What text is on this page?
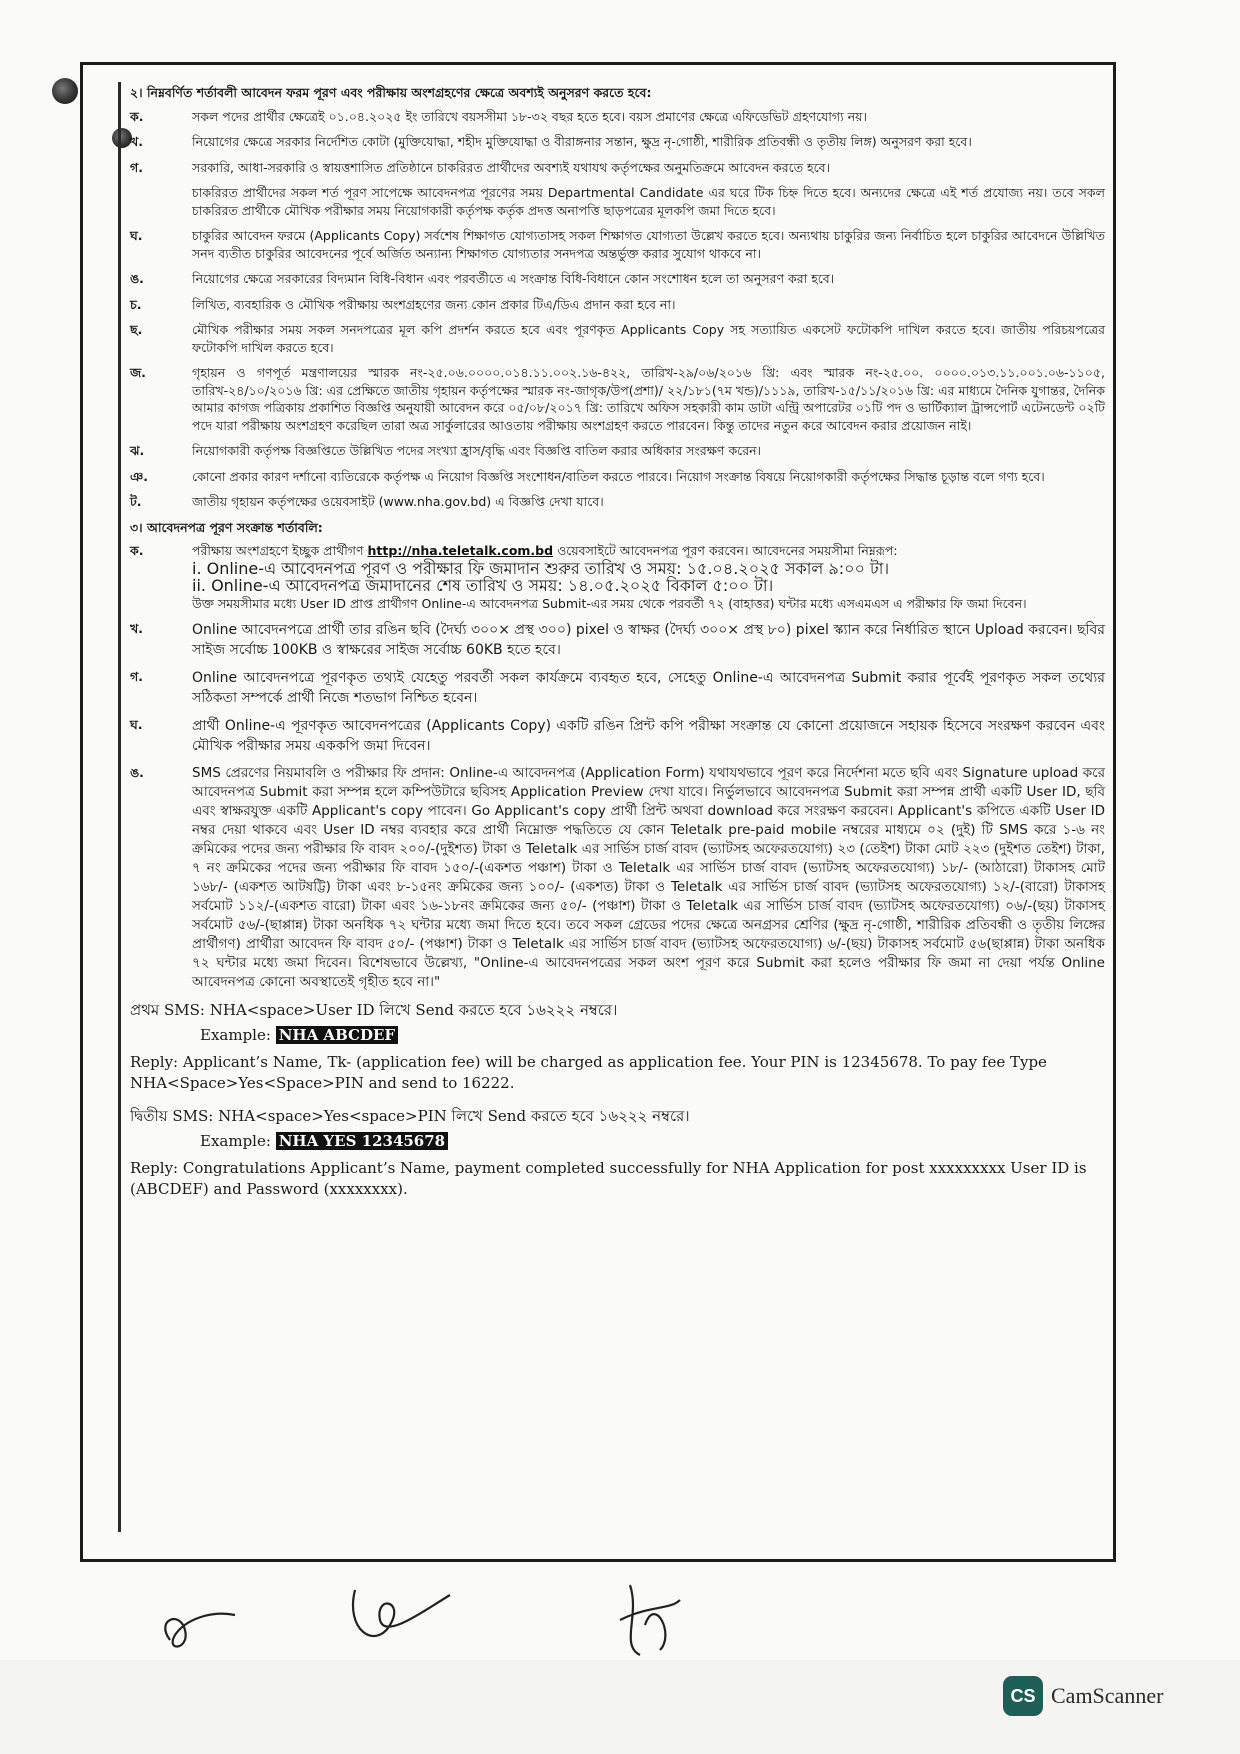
২। নিম্নবর্ণিত শর্তাবলী আবেদন ফরম পূরণ এবং পরীক্ষায় অংশগ্রহণের ক্ষেত্রে অবশ্যই অনুসরণ করতে হবে:
ক.	সকল পদের প্রার্থীর ক্ষেত্রেই ০১.০৪.২০২৫ ইং তারিখে বয়সসীমা ১৮-৩২ বছর হতে হবে। বয়স প্রমাণের ক্ষেত্রে এফিডেভিট গ্রহণযোগ্য নয়।
খ.	নিয়োগের ক্ষেত্রে সরকার নির্দেশিত কোটা (মুক্তিযোদ্ধা, শহীদ মুক্তিযোদ্ধা ও বীরাঙ্গনার সন্তান, ক্ষুদ্র নৃ-গোষ্ঠী, শারীরিক প্রতিবন্ধী ও তৃতীয় লিঙ্গ) অনুসরণ করা হবে।
গ.	সরকারি, আধা-সরকারি ও স্বায়ত্তশাসিত প্রতিষ্ঠানে চাকরিরত প্রার্থীদের অবশ্যই যথাযথ কর্তৃপক্ষের অনুমতিক্রমে আবেদন করতে হবে।
চাকরিরত প্রার্থীদের সকল শর্ত পূরণ সাপেক্ষে আবেদনপত্র পূরণের সময় Departmental Candidate এর ঘরে টিক চিহ্ন দিতে হবে। অন্যদের ক্ষেত্রে এই শর্ত প্রযোজ্য নয়। তবে সকল চাকরিরত প্রার্থীকে মৌখিক পরীক্ষার সময় নিয়োগকারী কর্তৃপক্ষ কর্তৃক প্রদত্ত অনাপত্তি ছাড়পত্রের মূলকপি জমা দিতে হবে।
ঘ.	চাকুরির আবেদন ফরমে (Applicants Copy) সর্বশেষ শিক্ষাগত যোগ্যতাসহ সকল শিক্ষাগত যোগ্যতা উল্লেখ করতে হবে। অন্যথায় চাকুরির জন্য নির্বাচিত হলে চাকুরির আবেদনে উল্লিখিত সনদ ব্যতীত চাকুরির আবেদনের পূর্বে অর্জিত অন্যান্য শিক্ষাগত যোগ্যতার সনদপত্র অন্তর্ভুক্ত করার সুযোগ থাকবে না।
ঙ.	নিয়োগের ক্ষেত্রে সরকারের বিদ্যমান বিধি-বিধান এবং পরবর্তীতে এ সংক্রান্ত বিধি-বিধানে কোন সংশোধন হলে তা অনুসরণ করা হবে।
চ.	লিখিত, ব্যবহারিক ও মৌখিক পরীক্ষায় অংশগ্রহণের জন্য কোন প্রকার টিএ/ডিএ প্রদান করা হবে না।
ছ.	মৌখিক পরীক্ষার সময় সকল সনদপত্রের মূল কপি প্রদর্শন করতে হবে এবং পূরণকৃত Applicants Copy সহ সত্যায়িত একসেট ফটোকপি দাখিল করতে হবে। জাতীয় পরিচয়পত্রের ফটোকপি দাখিল করতে হবে।
জ.	গৃহায়ন ও গণপূর্ত মন্ত্রণালয়ের স্মারক নং-২৫.০৬.০০০০.০১৪.১১.০০২.১৬-৪২২, তারিখ-২৯/০৬/২০১৬ খ্রি: এবং স্মারক নং-২৫.০০. ০০০০.০১৩.১১.০০১.০৬-১১০৫, তারিখ-২৪/১০/২০১৬ খ্রি: এর প্রেক্ষিতে জাতীয় গৃহায়ন কর্তৃপক্ষের স্মারক নং-জাগৃক/উপ(প্রশা)/ ২২/১৮১(৭ম খন্ড)/১১১৯, তারিখ-১৫/১১/২০১৬ খ্রি: এর মাধ্যমে দৈনিক যুগান্তর, দৈনিক আমার কাগজ পত্রিকায় প্রকাশিত বিজ্ঞপ্তি অনুযায়ী আবেদন করে ০৫/০৮/২০১৭ খ্রি: তারিখে অফিস সহকারী কাম ডাটা এন্ট্রি অপারেটর ০১টি পদ ও ভার্টিক্যাল ট্রান্সপোর্ট এটেনডেন্ট ০২টি পদে যারা পরীক্ষায় অংশগ্রহণ করেছিল তারা অত্র সার্কুলারের আওতায় পরীক্ষায় অংশগ্রহণ করতে পারবেন। কিন্তু তাদের নতুন করে আবেদন করার প্রয়োজন নাই।
ঝ.	নিয়োগকারী কর্তৃপক্ষ বিজ্ঞপ্তিতে উল্লিখিত পদের সংখ্যা হ্রাস/বৃদ্ধি এবং বিজ্ঞপ্তি বাতিল করার অধিকার সংরক্ষণ করেন।
ঞ.	কোনো প্রকার কারণ দর্শানো ব্যতিরেকে কর্তৃপক্ষ এ নিয়োগ বিজ্ঞপ্তি সংশোধন/বাতিল করতে পারবে। নিয়োগ সংক্রান্ত বিষয়ে নিয়োগকারী কর্তৃপক্ষের সিদ্ধান্ত চূড়ান্ত বলে গণ্য হবে।
ট.	জাতীয় গৃহায়ন কর্তৃপক্ষের ওয়েবসাইট (www.nha.gov.bd) এ বিজ্ঞপ্তি দেখা যাবে।
৩। আবেদনপত্র পূরণ সংক্রান্ত শর্তাবলি:
ক.	পরীক্ষায় অংশগ্রহণে ইচ্ছুক প্রার্থীগণ http://nha.teletalk.com.bd ওয়েবসাইটে আবেদনপত্র পূরণ করবেন। আবেদনের সময়সীমা নিম্নরূপ:
i. Online-এ আবেদনপত্র পূরণ ও পরীক্ষার ফি জমাদান শুরুর তারিখ ও সময়: ১৫.০৪.২০২৫ সকাল ৯:০০ টা।
ii. Online-এ আবেদনপত্র জমাদানের শেষ তারিখ ও সময়: ১৪.০৫.২০২৫ বিকাল ৫:০০ টা।
উক্ত সময়সীমার মধ্যে User ID প্রাপ্ত প্রার্থীগণ Online-এ আবেদনপত্র Submit-এর সময় থেকে পরবর্তী ৭২ (বাহাত্তর) ঘন্টার মধ্যে এসএমএস এ পরীক্ষার ফি জমা দিবেন।
খ.	Online আবেদনপত্রে প্রার্থী তার রঙিন ছবি (দৈর্ঘ্য ৩০০× প্রস্থ ৩০০) pixel ও স্বাক্ষর (দৈর্ঘ্য ৩০০× প্রস্থ ৮০) pixel স্ক্যান করে নির্ধারিত স্থানে Upload করবেন। ছবির সাইজ সর্বোচ্চ 100KB ও স্বাক্ষরের সাইজ সর্বোচ্চ 60KB হতে হবে।
গ.	Online আবেদনপত্রে পূরণকৃত তথ্যই যেহেতু পরবর্তী সকল কার্যক্রমে ব্যবহৃত হবে, সেহেতু Online-এ আবেদনপত্র Submit করার পূর্বেই পূরণকৃত সকল তথ্যের সঠিকতা সম্পর্কে প্রার্থী নিজে শতভাগ নিশ্চিত হবেন।
ঘ.	প্রার্থী Online-এ পূরণকৃত আবেদনপত্রের (Applicants Copy) একটি রঙিন প্রিন্ট কপি পরীক্ষা সংক্রান্ত যে কোনো প্রয়োজনে সহায়ক হিসেবে সংরক্ষণ করবেন এবং মৌখিক পরীক্ষার সময় এককপি জমা দিবেন।
ঙ.	SMS প্রেরণের নিয়মাবলি ও পরীক্ষার ফি প্রদান: Online-এ আবেদনপত্র (Application Form) যথাযথভাবে পূরণ করে নির্দেশনা মতে ছবি এবং Signature upload করে আবেদনপত্র Submit করা সম্পন্ন হলে কম্পিউটারে ছবিসহ Application Preview দেখা যাবে। নির্ভুলভাবে আবেদনপত্র Submit করা সম্পন্ন প্রার্থী একটি User ID, ছবি এবং স্বাক্ষরযুক্ত একটি Applicant's copy পাবেন। Go Applicant's copy প্রার্থী প্রিন্ট অথবা download করে সংরক্ষণ করবেন। Applicant's কপিতে একটি User ID নম্বর দেয়া থাকবে এবং User ID নম্বর ব্যবহার করে প্রার্থী নিম্নোক্ত পদ্ধতিতে যে কোন Teletalk pre-paid mobile নম্বরের মাধ্যমে ০২ (দুই) টি SMS করে ১-৬ নং ক্রমিকের পদের জন্য পরীক্ষার ফি বাবদ ২০০/-(দুইশত) টাকা ও Teletalk এর সার্ভিস চার্জ বাবদ (ভ্যাটসহ অফেরতযোগ্য) ২৩ (তেইশ) টাকা মোট ২২৩ (দুইশত তেইশ) টাকা, ৭ নং ক্রমিকের পদের জন্য পরীক্ষার ফি বাবদ ১৫০/-(একশত পঞ্চাশ) টাকা ও Teletalk এর সার্ভিস চার্জ বাবদ (ভ্যাটসহ অফেরতযোগ্য) ১৮/- (আঠারো) টাকাসহ মোট ১৬৮/- (একশত আটষট্টি) টাকা এবং ৮-১৫নং ক্রমিকের জন্য ১০০/- (একশত) টাকা ও Teletalk এর সার্ভিস চার্জ বাবদ (ভ্যাটসহ অফেরতযোগ্য) ১২/-(বারো) টাকাসহ সর্বমোট ১১২/-(একশত বারো) টাকা এবং ১৬-১৮নং ক্রমিকের জন্য ৫০/- (পঞ্চাশ) টাকা ও Teletalk এর সার্ভিস চার্জ বাবদ (ভ্যাটসহ অফেরতযোগ্য) ০৬/-(ছয়) টাকাসহ সর্বমোট ৫৬/-(ছাপ্পান্ন) টাকা অনধিক ৭২ ঘন্টার মধ্যে জমা দিতে হবে। তবে সকল গ্রেডের পদের ক্ষেত্রে অনগ্রসর শ্রেণির (ক্ষুদ্র নৃ-গোষ্ঠী, শারীরিক প্রতিবন্ধী ও তৃতীয় লিঙ্গের প্রার্থীগণ) প্রার্থীরা আবেদন ফি বাবদ ৫০/- (পঞ্চাশ) টাকা ও Teletalk এর সার্ভিস চার্জ বাবদ (ভ্যাটসহ অফেরতযোগ্য) ৬/-(ছয়) টাকাসহ সর্বমোট ৫৬(ছাপ্পান্ন) টাকা অনধিক ৭২ ঘন্টার মধ্যে জমা দিবেন। বিশেষভাবে উল্লেখ্য, "Online-এ আবেদনপত্রের সকল অংশ পূরণ করে Submit করা হলেও পরীক্ষার ফি জমা না দেয়া পর্যন্ত Online আবেদনপত্র কোনো অবস্থাতেই গৃহীত হবে না।"
প্রথম SMS: NHA<space>User ID লিখে Send করতে হবে ১৬২২২ নম্বরে।
Example: NHA ABCDEF
Reply: Applicant’s Name, Tk- (application fee) will be charged as application fee. Your PIN is 12345678. To pay fee Type NHA<Space>Yes<Space>PIN and send to 16222.
দ্বিতীয় SMS: NHA<space>Yes<space>PIN লিখে Send করতে হবে ১৬২২২ নম্বরে।
Example: NHA YES 12345678
Reply: Congratulations Applicant’s Name, payment completed successfully for NHA Application for post xxxxxxxxx User ID is (ABCDEF) and Password (xxxxxxxx).
CS CamScanner
